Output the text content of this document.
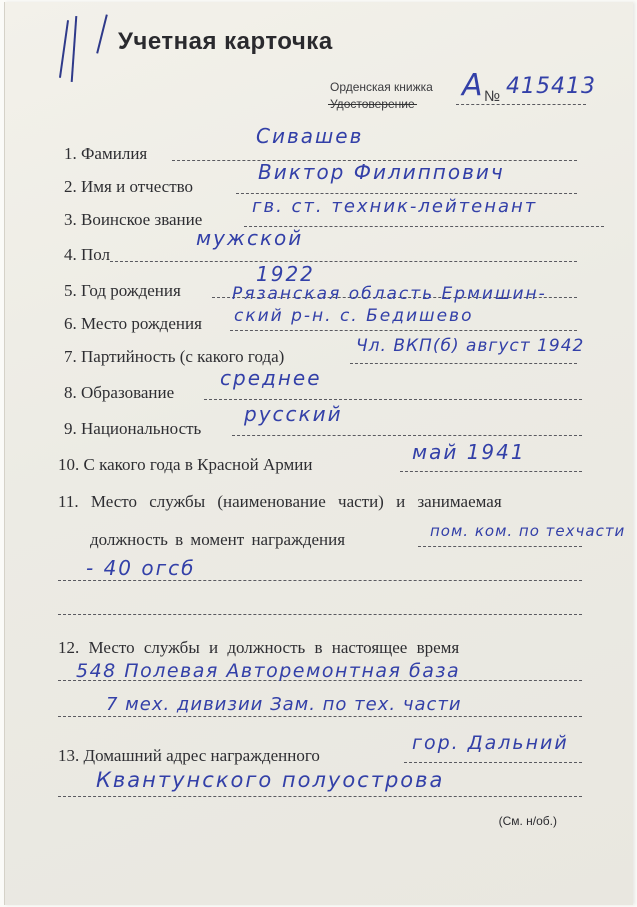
Учетная карточка
Орденская книжка
Удостоверение	№
А 415413
1. Фамилия
Сивашев
2. Имя и отчество
Виктор Филиппович
3. Воинское звание
гв. ст. техник-лейтенант
4. Пол
мужской
5. Год рождения
1922
Рязанская область Ермишин-
6. Место рождения ский р-н. с. Бедишево
7. Партийность (с какого года)
Чл. ВКП(б) август 1942
8. Образование
среднее
9. Национальность
русский
10. С какого года в Красной Армии
май 1941
11. Место службы (наименование части) и занимаемая
должность в момент награждения	пом. ком. по техчасти
- 40 огсб
12. Место службы и должность в настоящее время
548 Полевая Авторемонтная база
7 мех. дивизии Зам. по тех. части
13. Домашний адрес награжденного
гор. Дальний
Квантунского полуострова
(См. н/об.)
